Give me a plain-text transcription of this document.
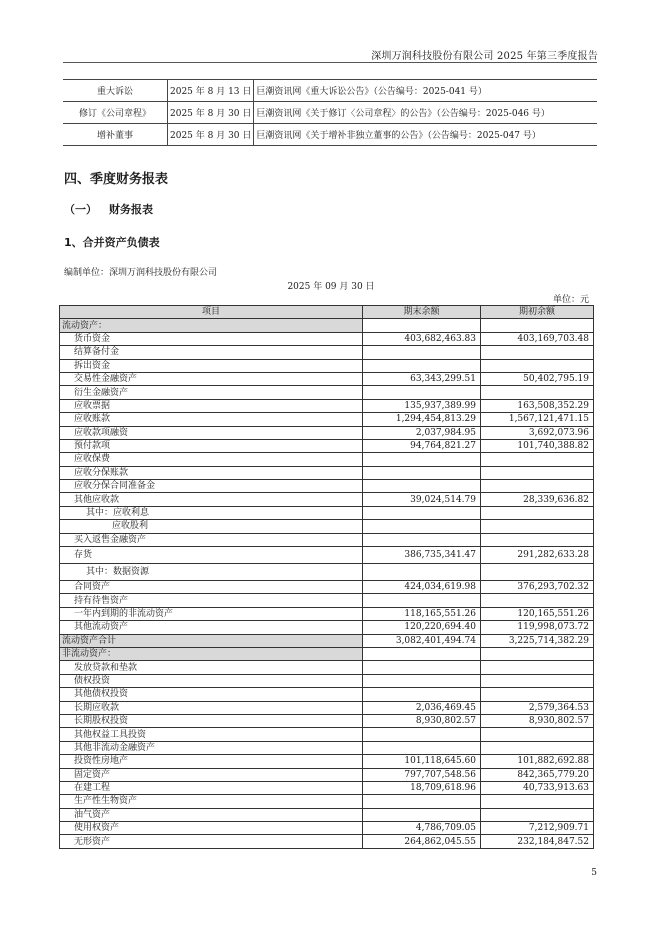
深圳万润科技股份有限公司 2025 年第三季度报告
重大诉讼	2025 年 8 月 13 日	巨潮资讯网《重大诉讼公告》（公告编号：2025-041 号）
修订《公司章程》	2025 年 8 月 30 日	巨潮资讯网《关于修订〈公司章程〉的公告》（公告编号：2025-046 号）
增补董事	2025 年 8 月 30 日	巨潮资讯网《关于增补非独立董事的公告》（公告编号：2025-047 号）
四、季度财务报表
（一） 财务报表
1、合并资产负债表
编制单位：深圳万润科技股份有限公司
2025 年 09 月 30 日
单位：元
项目	期末余额	期初余额
流动资产：		
货币资金	403,682,463.83	403,169,703.48
结算备付金		
拆出资金		
交易性金融资产	63,343,299.51	50,402,795.19
衍生金融资产		
应收票据	135,937,389.99	163,508,352.29
应收账款	1,294,454,813.29	1,567,121,471.15
应收款项融资	2,037,984.95	3,692,073.96
预付款项	94,764,821.27	101,740,388.82
应收保费		
应收分保账款		
应收分保合同准备金		
其他应收款	39,024,514.79	28,339,636.82
其中：应收利息		
应收股利		
买入返售金融资产		
存货	386,735,341.47	291,282,633.28
其中：数据资源		
合同资产	424,034,619.98	376,293,702.32
持有待售资产		
一年内到期的非流动资产	118,165,551.26	120,165,551.26
其他流动资产	120,220,694.40	119,998,073.72
流动资产合计	3,082,401,494.74	3,225,714,382.29
非流动资产：		
发放贷款和垫款		
债权投资		
其他债权投资		
长期应收款	2,036,469.45	2,579,364.53
长期股权投资	8,930,802.57	8,930,802.57
其他权益工具投资		
其他非流动金融资产		
投资性房地产	101,118,645.60	101,882,692.88
固定资产	797,707,548.56	842,365,779.20
在建工程	18,709,618.96	40,733,913.63
生产性生物资产		
油气资产		
使用权资产	4,786,709.05	7,212,909.71
无形资产	264,862,045.55	232,184,847.52
5
